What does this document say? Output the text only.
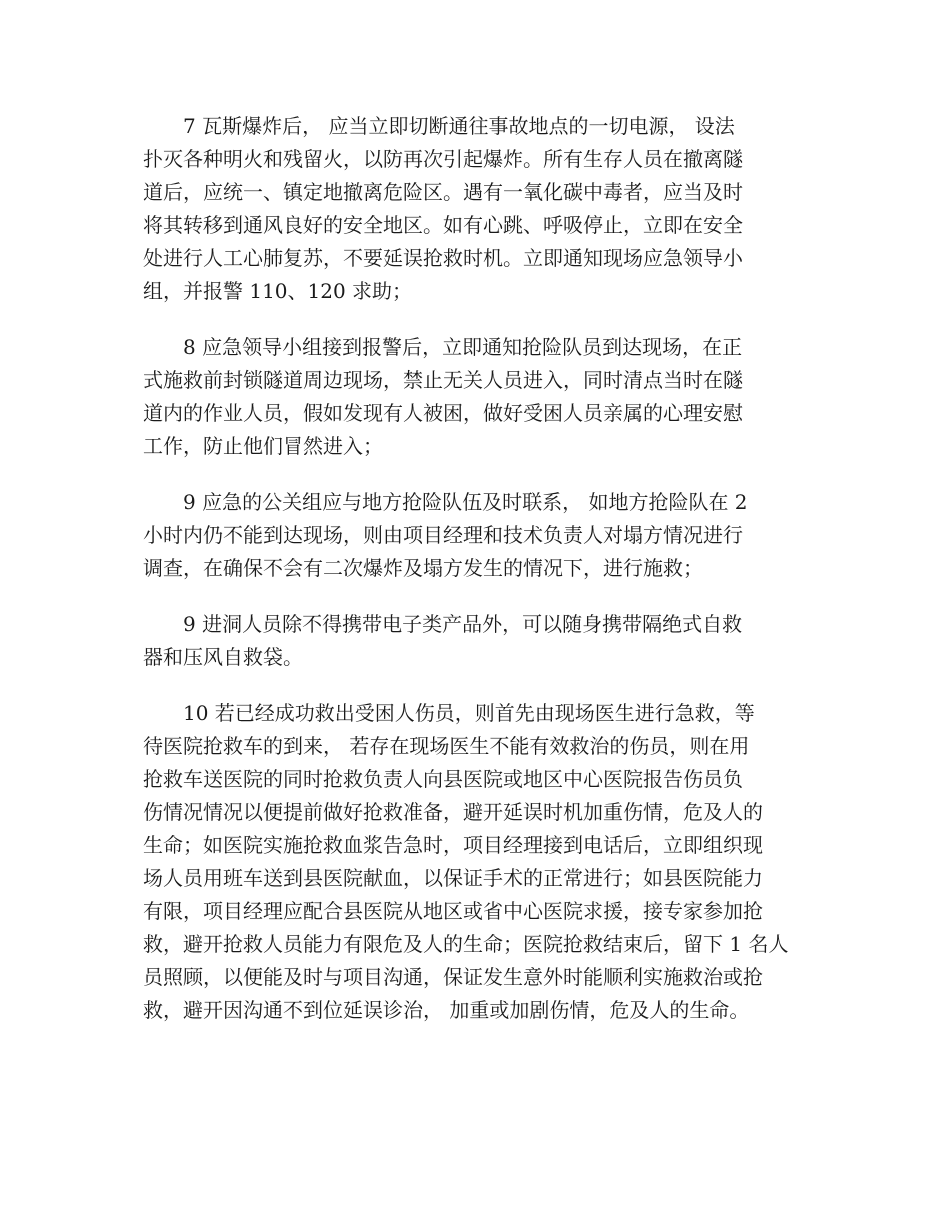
7 瓦斯爆炸后， 应当立即切断通往事故地点的一切电源， 设法
扑灭各种明火和残留火，以防再次引起爆炸。所有生存人员在撤离隧
道后，应统一、镇定地撤离危险区。遇有一氧化碳中毒者，应当及时
将其转移到通风良好的安全地区。如有心跳、呼吸停止，立即在安全
处进行人工心肺复苏，不要延误抢救时机。立即通知现场应急领导小
组，并报警 110、120 求助；
8 应急领导小组接到报警后，立即通知抢险队员到达现场，在正
式施救前封锁隧道周边现场，禁止无关人员进入，同时清点当时在隧
道内的作业人员，假如发现有人被困，做好受困人员亲属的心理安慰
工作，防止他们冒然进入；
9 应急的公关组应与地方抢险队伍及时联系， 如地方抢险队在 2
小时内仍不能到达现场，则由项目经理和技术负责人对塌方情况进行
调查，在确保不会有二次爆炸及塌方发生的情况下，进行施救；
9 进洞人员除不得携带电子类产品外，可以随身携带隔绝式自救
器和压风自救袋。
10 若已经成功救出受困人伤员，则首先由现场医生进行急救，等
待医院抢救车的到来， 若存在现场医生不能有效救治的伤员，则在用
抢救车送医院的同时抢救负责人向县医院或地区中心医院报告伤员负
伤情况情况以便提前做好抢救准备，避开延误时机加重伤情，危及人的
生命；如医院实施抢救血浆告急时，项目经理接到电话后，立即组织现
场人员用班车送到县医院献血，以保证手术的正常进行；如县医院能力
有限，项目经理应配合县医院从地区或省中心医院求援，接专家参加抢
救，避开抢救人员能力有限危及人的生命；医院抢救结束后，留下 1 名人
员照顾，以便能及时与项目沟通，保证发生意外时能顺利实施救治或抢
救，避开因沟通不到位延误诊治， 加重或加剧伤情，危及人的生命。
